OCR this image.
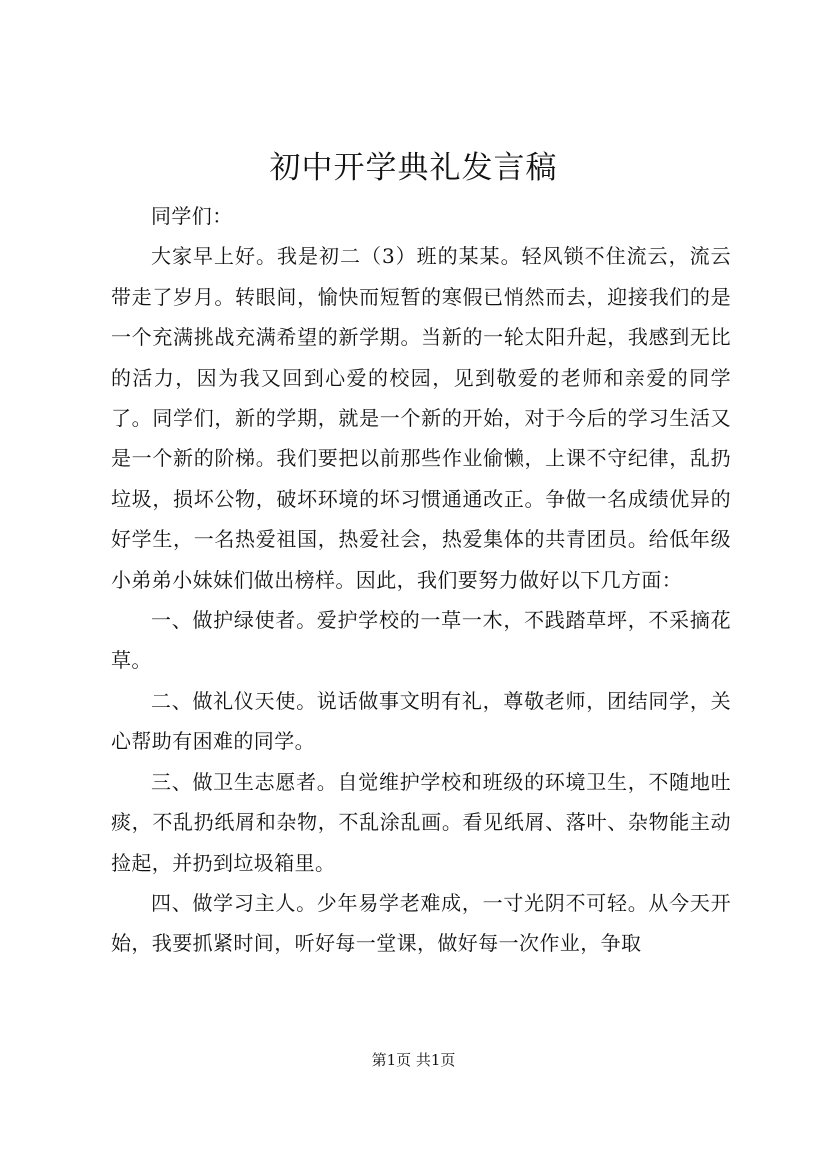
初中开学典礼发言稿

同学们：

大家早上好。我是初二（3）班的某某。轻风锁不住流云，流云带走了岁月。转眼间，愉快而短暂的寒假已悄然而去，迎接我们的是一个充满挑战充满希望的新学期。当新的一轮太阳升起，我感到无比的活力，因为我又回到心爱的校园，见到敬爱的老师和亲爱的同学了。同学们，新的学期，就是一个新的开始，对于今后的学习生活又是一个新的阶梯。我们要把以前那些作业偷懒，上课不守纪律，乱扔垃圾，损坏公物，破坏环境的坏习惯通通改正。争做一名成绩优异的好学生，一名热爱祖国，热爱社会，热爱集体的共青团员。给低年级小弟弟小妹妹们做出榜样。因此，我们要努力做好以下几方面：

一、做护绿使者。爱护学校的一草一木，不践踏草坪，不采摘花草。

二、做礼仪天使。说话做事文明有礼，尊敬老师，团结同学，关心帮助有困难的同学。

三、做卫生志愿者。自觉维护学校和班级的环境卫生，不随地吐痰，不乱扔纸屑和杂物，不乱涂乱画。看见纸屑、落叶、杂物能主动捡起，并扔到垃圾箱里。

四、做学习主人。少年易学老难成，一寸光阴不可轻。从今天开始，我要抓紧时间，听好每一堂课，做好每一次作业，争取

第1页 共1页
